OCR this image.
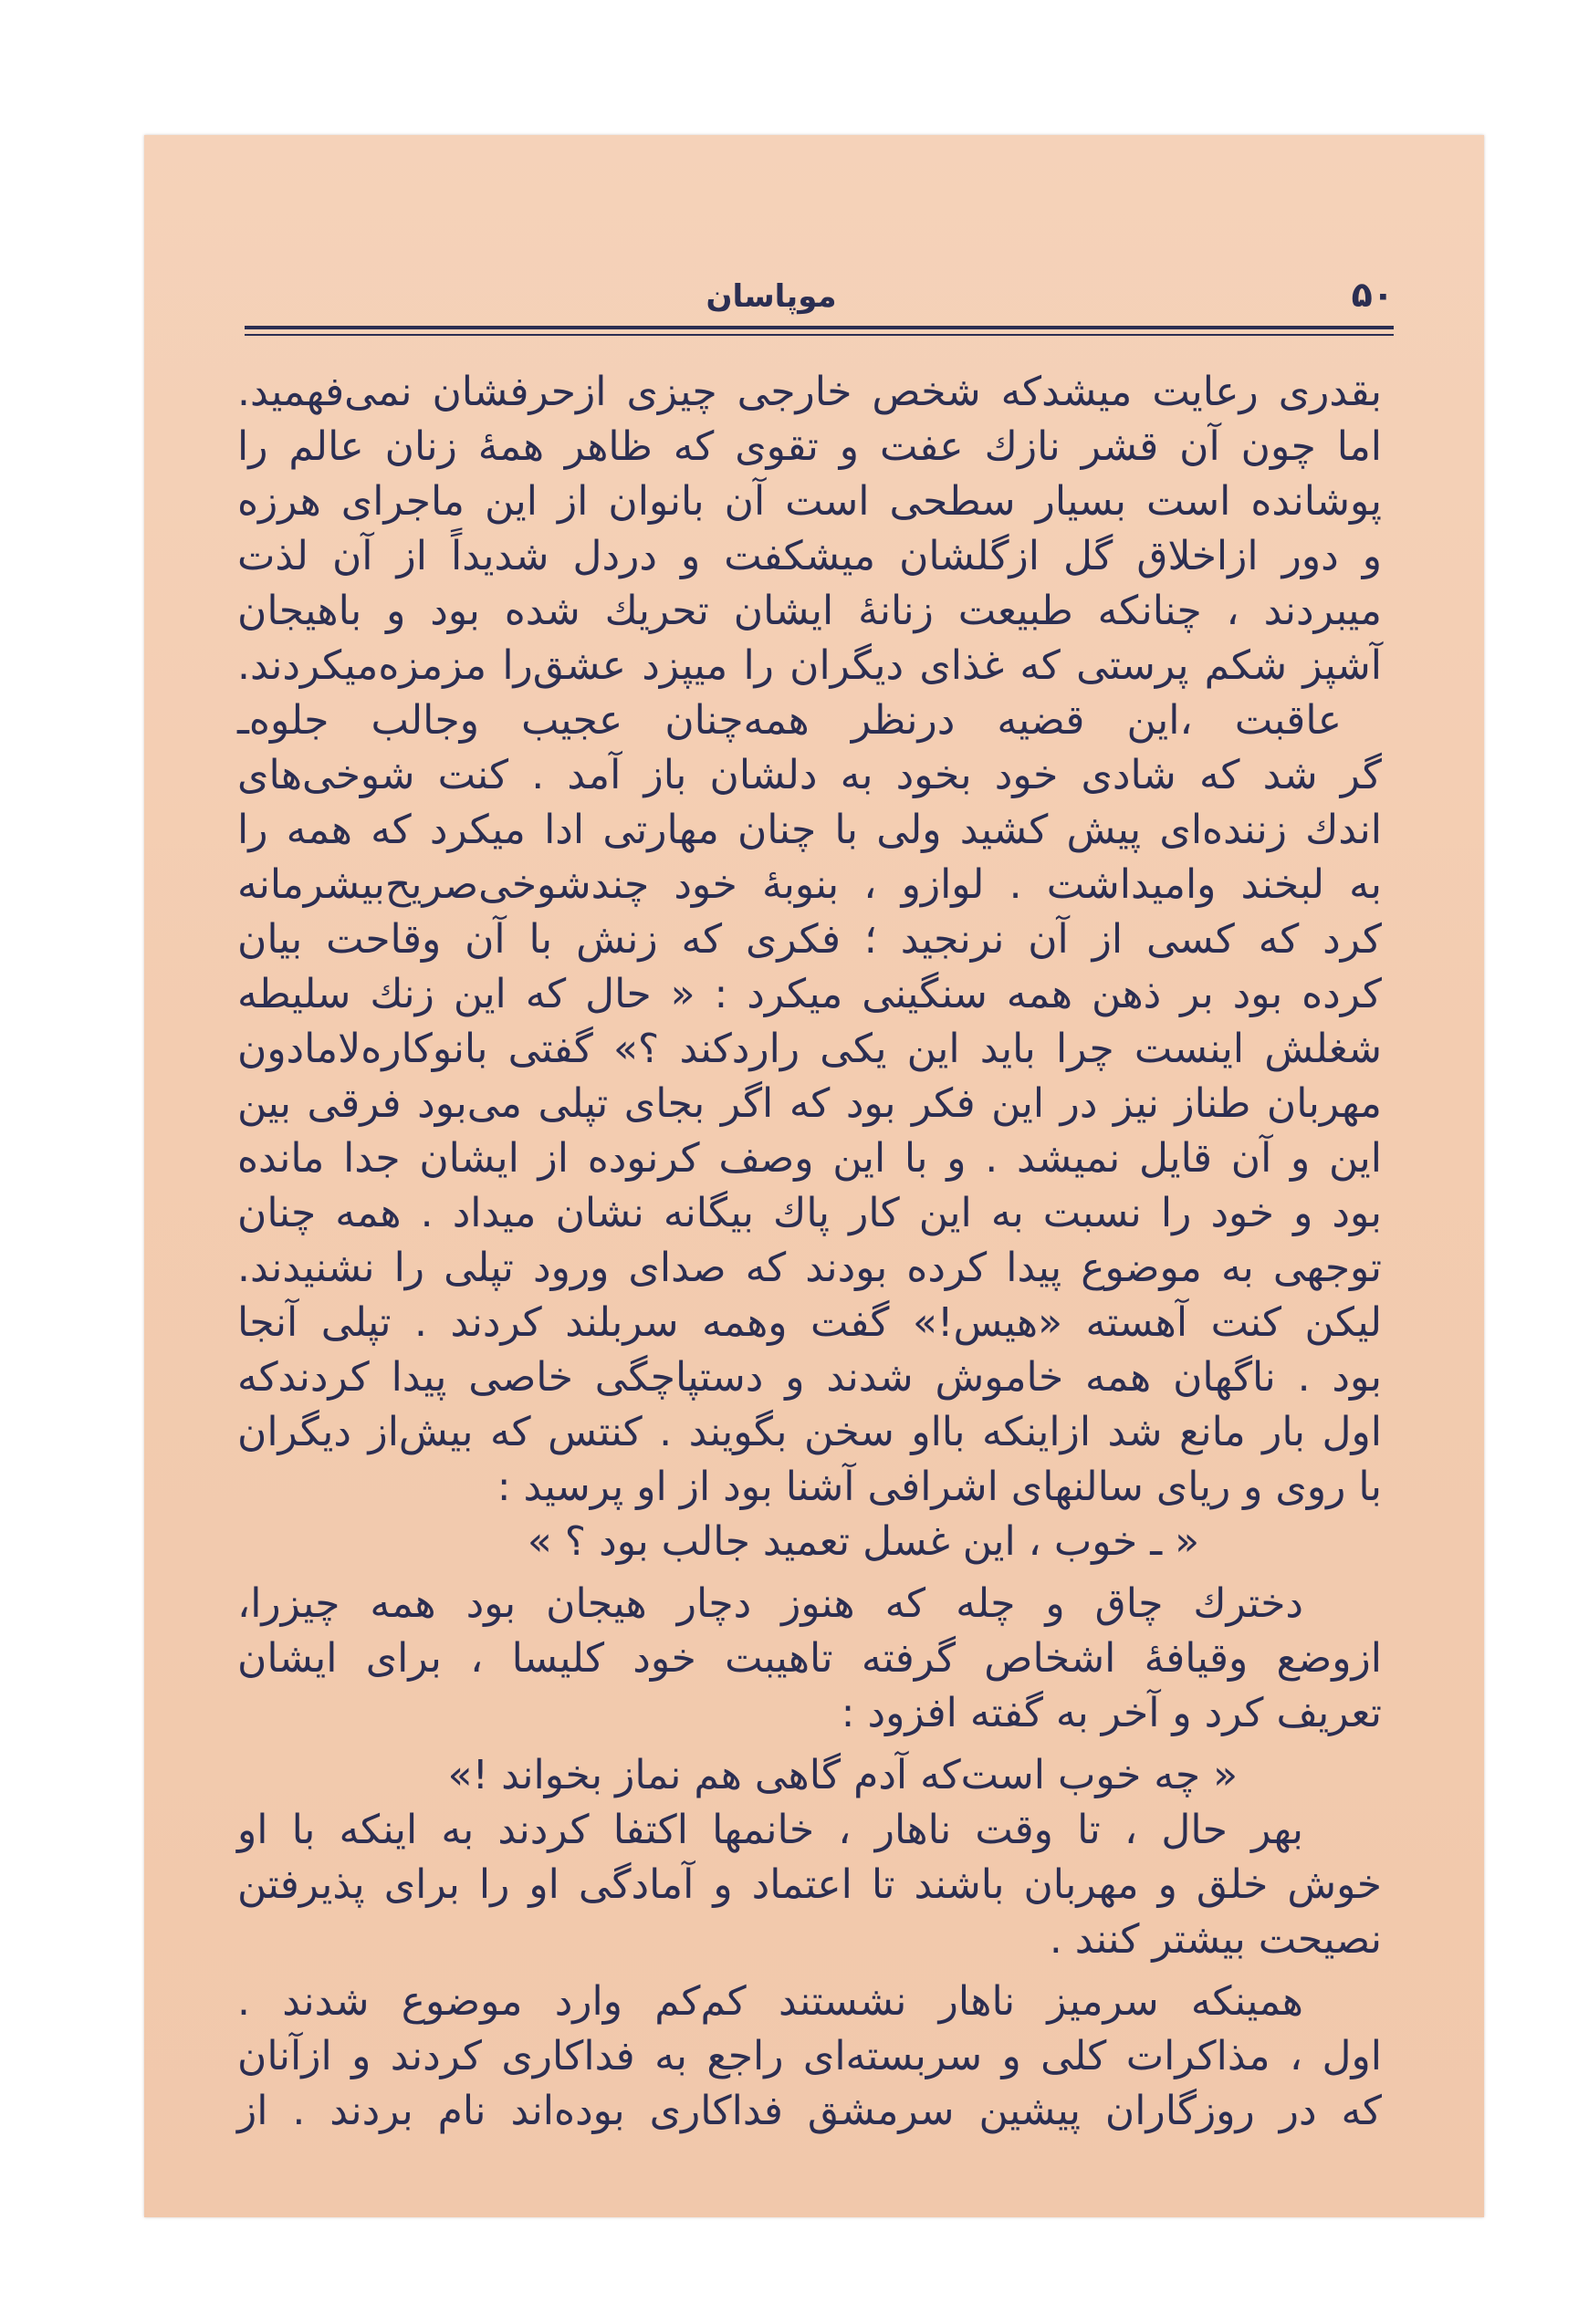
۵۰
موپاسان
بقدری رعایت میشدکه شخص خارجی چیزی ازحرفشان نمی‌فهمید.
اما چون آن قشر نازك عفت و تقوی که ظاهر همهٔ زنان عالم را
پوشانده است بسیار سطحی است آن بانوان از این ماجرای هرزه
و دور ازاخلاق گل ازگلشان میشکفت و دردل شدیداً از آن لذت
میبردند ، چنانکه طبیعت زنانهٔ ایشان تحریك شده بود و باهیجان
آشپز شکم پرستی که غذای دیگران را میپزد عشق‌را مزمزه‌میکردند.
عاقبت ،این قضیه درنظر همه‌چنان عجیب وجالب جلوه‌ـ
گر شد که شادی خود بخود به دلشان باز آمد . کنت شوخی‌های
اندك زننده‌ای پیش کشید ولی با چنان مهارتی ادا میکرد که همه را
به لبخند وامیداشت . لوازو ، بنوبهٔ خود چندشوخی‌صریح‌بیشرمانه
کرد که کسی از آن نرنجید ؛ فکری که زنش با آن وقاحت بیان
کرده بود بر ذهن همه سنگینی میکرد : « حال که این زنك سلیطه
شغلش اینست چرا باید این یکی راردکند ؟» گفتی بانوکاره‌لامادون
مهربان طناز نیز در این فکر بود که اگر بجای تپلی می‌بود فرقی بین
این و آن قایل نمیشد . و با این وصف کرنوده از ایشان جدا مانده
بود و خود را نسبت به این کار پاك بیگانه نشان میداد . همه چنان
توجهی به موضوع پیدا کرده بودند که صدای ورود تپلی را نشنیدند.
لیکن کنت آهسته «هیس!» گفت وهمه سربلند کردند . تپلی آنجا
بود . ناگهان همه خاموش شدند و دستپاچگی خاصی پیدا کردندکه
اول بار مانع شد ازاینکه بااو سخن بگویند . کنتس که بیش‌از دیگران
با روی و ریای سالنهای اشرافی آشنا بود از او پرسید :
« ـ خوب ، این غسل تعمید جالب بود ؟ »
دخترك چاق و چله که هنوز دچار هیجان بود همه چیزرا،
ازوضع وقیافهٔ اشخاص گرفته تاهیبت خود کلیسا ، برای ایشان
تعریف کرد و آخر به گفته افزود :
« چه خوب است‌که آدم گاهی هم نماز بخواند !»
بهر حال ، تا وقت ناهار ، خانمها اکتفا کردند به اینکه با او
خوش خلق و مهربان باشند تا اعتماد و آمادگی او را برای پذیرفتن
نصیحت بیشتر کنند .
همینکه سرمیز ناهار نشستند کم‌کم وارد موضوع شدند .
اول ، مذاکرات کلی و سربسته‌ای راجع به فداکاری کردند و ازآنان
که در روزگاران پیشین سرمشق فداکاری بوده‌اند نام بردند . از
